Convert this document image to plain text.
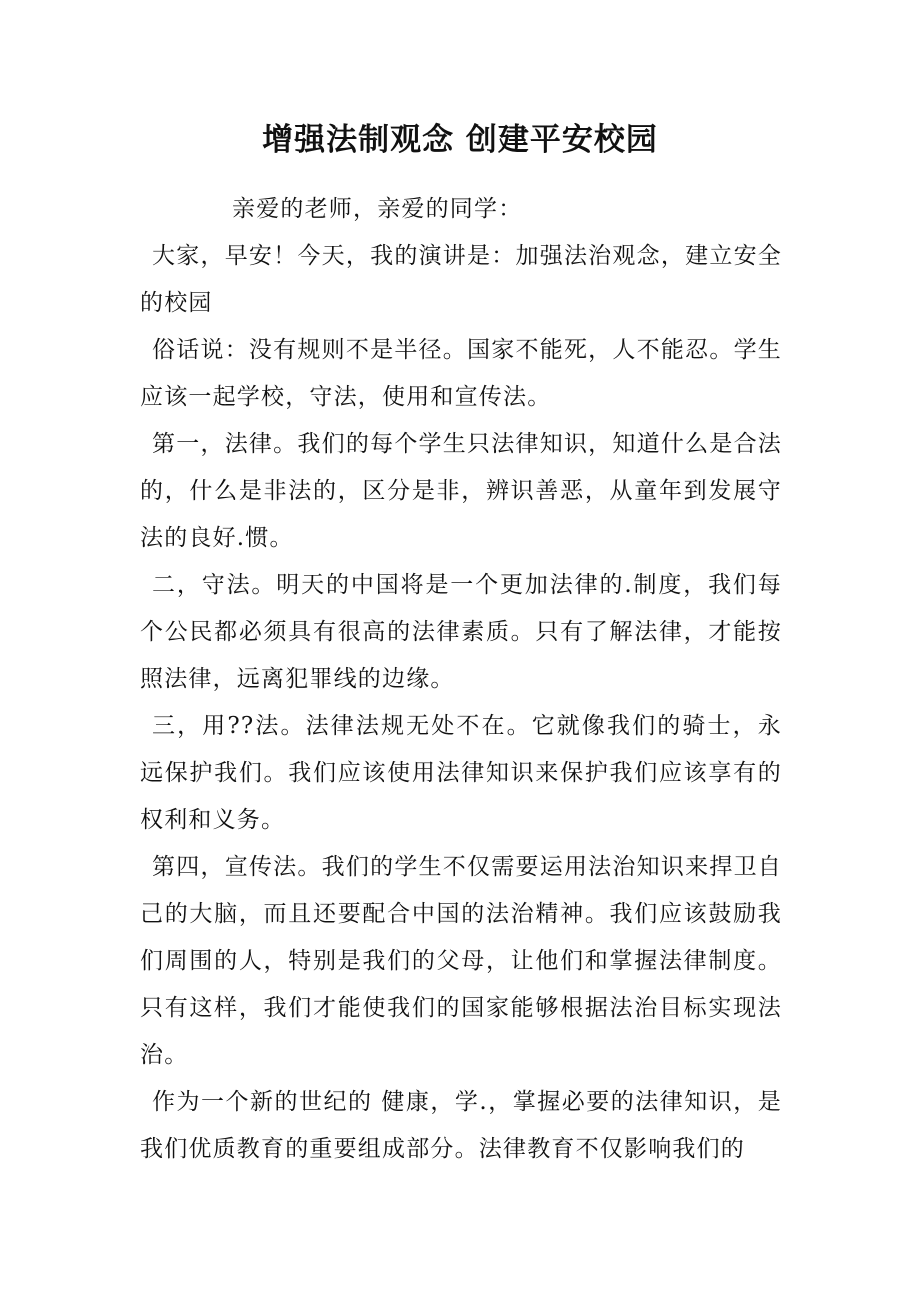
增强法制观念 创建平安校园

亲爱的老师，亲爱的同学：

大家，早安！今天，我的演讲是：加强法治观念，建立安全的校园

俗话说：没有规则不是半径。国家不能死，人不能忍。学生应该一起学校，守法，使用和宣传法。

第一，法律。我们的每个学生只法律知识，知道什么是合法的，什么是非法的，区分是非，辨识善恶，从童年到发展守法的良好.惯。

二，守法。明天的中国将是一个更加法律的.制度，我们每个公民都必须具有很高的法律素质。只有了解法律，才能按照法律，远离犯罪线的边缘。

三，用??法。法律法规无处不在。它就像我们的骑士，永远保护我们。我们应该使用法律知识来保护我们应该享有的权利和义务。

第四，宣传法。我们的学生不仅需要运用法治知识来捍卫自己的大脑，而且还要配合中国的法治精神。我们应该鼓励我们周围的人，特别是我们的父母，让他们和掌握法律制度。只有这样，我们才能使我们的国家能够根据法治目标实现法治。

作为一个新的世纪的 健康，学.，掌握必要的法律知识，是我们优质教育的重要组成部分。法律教育不仅影响我们的
